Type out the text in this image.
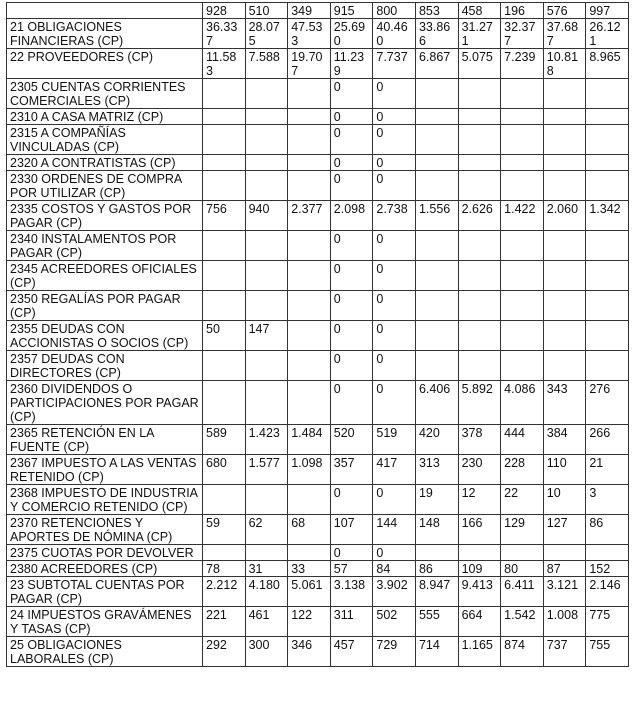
	928	510	349	915	800	853	458	196	576	997
21 OBLIGACIONES FINANCIERAS (CP)	36.337	28.075	47.533	25.690	40.460	33.866	31.271	32.377	37.687	26.121
22 PROVEEDORES (CP)	11.583	7.588	19.707	11.239	7.737	6.867	5.075	7.239	10.818	8.965
2305 CUENTAS CORRIENTES COMERCIALES (CP)				0	0					
2310 A CASA MATRIZ (CP)				0	0					
2315 A COMPAÑÍAS VINCULADAS (CP)				0	0					
2320 A CONTRATISTAS (CP)				0	0					
2330 ORDENES DE COMPRA POR UTILIZAR (CP)				0	0					
2335 COSTOS Y GASTOS POR PAGAR (CP)	756	940	2.377	2.098	2.738	1.556	2.626	1.422	2.060	1.342
2340 INSTALAMENTOS POR PAGAR (CP)				0	0					
2345 ACREEDORES OFICIALES (CP)				0	0					
2350 REGALÍAS POR PAGAR (CP)				0	0					
2355 DEUDAS CON ACCIONISTAS O SOCIOS (CP)	50	147		0	0					
2357 DEUDAS CON DIRECTORES (CP)				0	0					
2360 DIVIDENDOS O PARTICIPACIONES POR PAGAR (CP)				0	0	6.406	5.892	4.086	343	276
2365 RETENCIÓN EN LA FUENTE (CP)	589	1.423	1.484	520	519	420	378	444	384	266
2367 IMPUESTO A LAS VENTAS RETENIDO (CP)	680	1.577	1.098	357	417	313	230	228	110	21
2368 IMPUESTO DE INDUSTRIA Y COMERCIO RETENIDO (CP)				0	0	19	12	22	10	3
2370 RETENCIONES Y APORTES DE NÓMINA (CP)	59	62	68	107	144	148	166	129	127	86
2375 CUOTAS POR DEVOLVER				0	0					
2380 ACREEDORES (CP)	78	31	33	57	84	86	109	80	87	152
23 SUBTOTAL CUENTAS POR PAGAR (CP)	2.212	4.180	5.061	3.138	3.902	8.947	9.413	6.411	3.121	2.146
24 IMPUESTOS GRAVÁMENES Y TASAS (CP)	221	461	122	311	502	555	664	1.542	1.008	775
25 OBLIGACIONES LABORALES (CP)	292	300	346	457	729	714	1.165	874	737	755
